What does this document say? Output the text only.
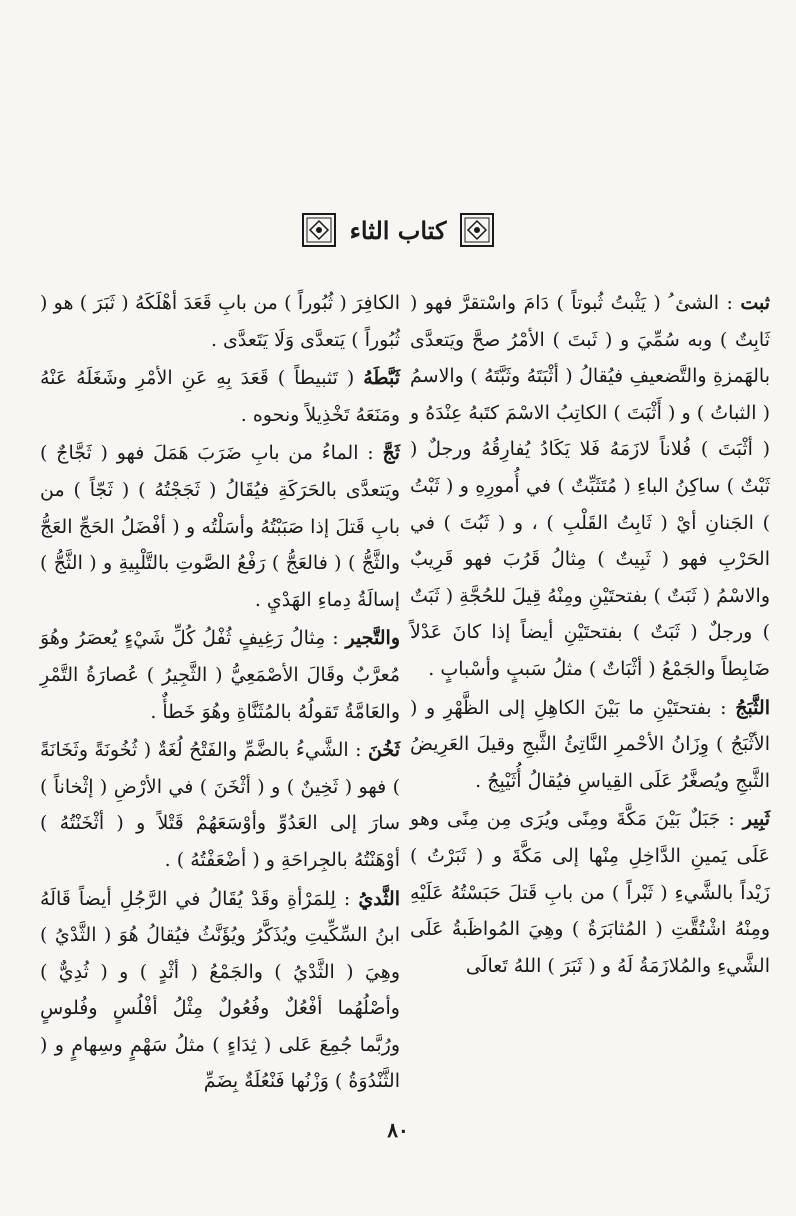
كتاب الثاء

ثبت : الشئ ُ ( يَثْبتُ ثُبوتاً ) دَامَ واسْتقرَّ فهو ( ثَابِتٌ ) وبه سُمِّيَ و ( ثَبتَ ) الأمْرُ صحَّ ويَتعدَّى بالهَمزةِ والتَّضعيفِ فيُقالُ ( أثْبَتَهُ وثَبَّتَهُ ) والاسمُ ( الثباتُ ) و ( أَثْبَتَ ) الكاتِبُ الاسْمَ كتَبهُ عِنْدَهُ و ( أثْبَتَ ) فُلاناً لازَمَهُ فَلا يَكَادُ يُفارِقُهُ ورجلٌ ( ثَبْتٌ ) ساكِنُ الباءِ ( مُتَثَبِّتٌ ) في أُمورِهِ و ( ثَبْتُ ) الجَنانِ أيْ ( ثَابِتُ القَلْبِ ) ، و ( ثَبُتَ ) في الحَرْبِ فهو ( ثَبِيتٌ ) مِثالُ قَرُبَ فهو قَرِيبٌ والاسْمُ ( ثَبَتٌ ) بفتحتَيْنِ ومِنْهُ قِيلَ للحُجَّةِ ( ثَبَتٌ ) ورجلٌ ( ثَبَتٌ ) بفتحتَيْنِ أيضاً إذا كانَ عَدْلاً ضَابِطاً والجَمْعُ ( أثْبَاتٌ ) مثلُ سَببٍ وأسْبابٍ .

الثَّبَجُ : بفتحتَيْنِ ما بَيْنَ الكاهِلِ إلى الظَّهْرِ و ( الأثْبَجُ ) وِزَانُ الأحْمرِ النَّاتِئُ الثَّبجِ وقيلَ العَرِيضُ الثَّبجِ ويُصغَّرُ عَلَى القِياسِ فيُقالُ أُثَيْبِجُ .

ثَبِير : جَبَلٌ بَيْنَ مَكَّةَ ومِنًى ويُرَى مِن مِنًى وهو عَلَى يَمينِ الدَّاخِلِ مِنْها إلى مَكَّةَ و ( ثَبَرْتُ ) زَيْداً بالشَّيءِ ( ثَبْراً ) من بابِ قَتلَ حَبَسْتُهُ عَلَيْهِ ومِنْهُ اشْتُقَّتِ ( المُثابَرَةُ ) وهِيَ المُواظَبةُ عَلَى الشَّيءِ والمُلازَمَةُ لَهُ و ( ثَبَرَ ) اللهُ تَعالَى

الكافِرَ ( ثُبُوراً ) من بابِ قَعَدَ أهْلَكَهُ ( ثَبَرَ ) هو ( ثُبُوراً ) يَتعدَّى وَلَا يَتَعدَّى .

ثَبَّطَهُ ( تَثبيطاً ) قَعَدَ بِهِ عَنِ الأمْرِ وشَغَلَهُ عَنْهُ ومَنَعَهُ تَخْذِيلاً ونحوه .

ثَجَّ : الماءُ من بابِ ضَرَبَ هَمَلَ فهو ( ثَجَّاجٌ ) ويَتعدَّى بالحَرَكَةِ فيُقَالُ ( ثَجَجْتُهُ ) ( ثَجّاً ) من بابِ قَتلَ إذا صَبَبْتُهُ وأسَلْتُه و ( أفْضَلُ الحَجِّ العَجُّ والثَّجُّ ) ( فالعَجُّ ) رَفْعُ الصَّوتِ بالتَّلْبِيةِ و ( الثَّجُّ ) إسالَةُ دِماءِ الهَدْيِ .

والتَّجير : مِثالُ رَغِيفٍ ثُفْلُ كُلِّ شَيْءٍ يُعصَرُ وهُوَ مُعرَّبٌ وقَالَ الأصْمَعِيُّ ( الثَّجِيرُ ) عُصارَةُ التَّمْرِ والعَامَّةُ تَقولُهُ بالمُثَنَّاةِ وهُوَ خَطأٌ .

ثَخُنَ : الشَّيءُ بالضَّمِّ والفَتْحُ لُغَةٌ ( ثُخُونَةً وثَخَانَةً ) فهو ( ثَخِينٌ ) و ( أثْخَنَ ) في الأرْضِ ( إثْخاناً ) سارَ إلى العَدُوِّ وأوْسَعَهُمْ قَتْلاً و ( أثْخَنْتُهُ ) أوْهَنْتُهُ بالجِراحَةِ و ( أضْعَفْتُهُ ) .

الثَّديُ : لِلمَرْأةِ وقَدْ يُقَالُ في الرَّجُلِ أيضاً قَالَهُ ابنُ السِّكِّيتِ ويُذَكَّرُ ويُؤَنَّثُ فيُقالُ هُوَ ( الثَّدْيُ ) وهِيَ ( الثَّدْيُ ) والجَمْعُ ( أثْدٍ ) و ( ثُدِيٌّ ) وأصْلُهُما أفْعُلٌ وفُعُولٌ مِثْلُ أفْلُسٍ وفُلوسٍ ورُبَّما جُمِعَ عَلى ( ثِدَاءٍ ) مثلُ سَهْمٍ وسِهامٍ و ( الثَّنْدُوَةُ ) وَزْنُها فَنْعُلَةٌ بِضَمِّ

٨٠
